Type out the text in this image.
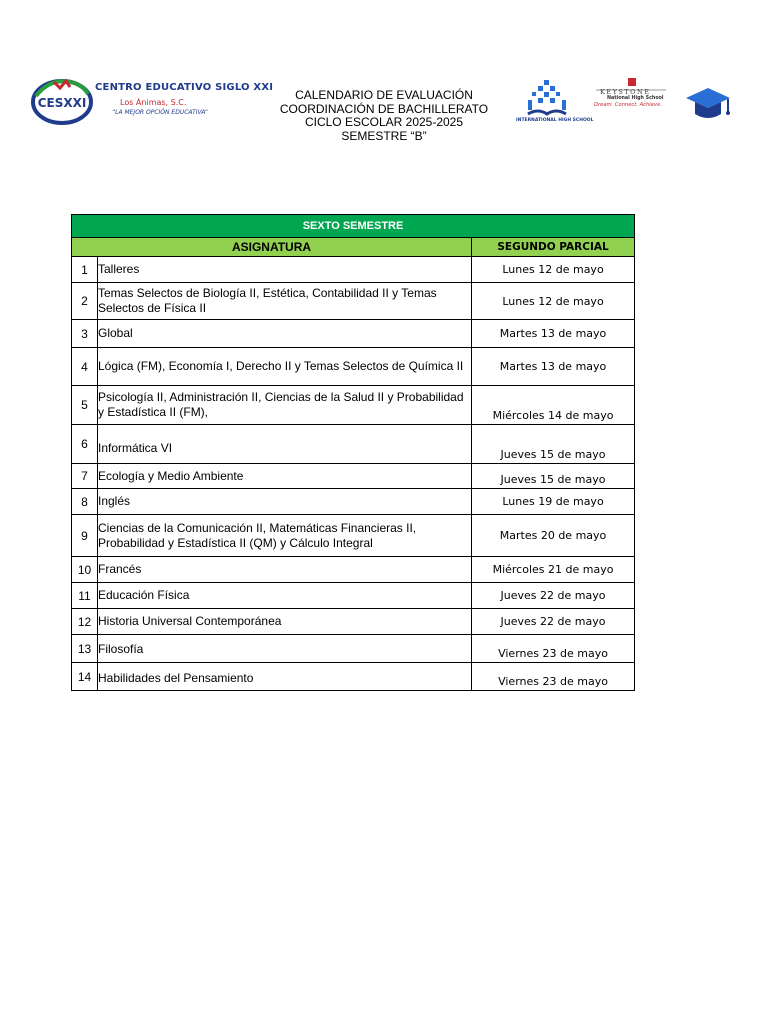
CESXXI
CENTRO EDUCATIVO SIGLO XXI
Los Ánimas, S.C.
“LA MEJOR OPCIÓN EDUCATIVA”
CALENDARIO DE EVALUACIÓN
COORDINACIÓN DE BACHILLERATO
CICLO ESCOLAR 2025-2025
SEMESTRE “B”
INTERNATIONAL HIGH SCHOOL
KEYSTONE
National High School
Dream. Connect. Achieve.
SEXTO SEMESTRE		
ASIGNATURA		SEGUNDO PARCIAL
1	Talleres	Lunes 12 de mayo
2	Temas Selectos de Biología II, Estética, Contabilidad II y Temas Selectos de Física II	Lunes 12 de mayo
3	Global	Martes 13 de mayo
4	Lógica (FM), Economía I, Derecho II y Temas Selectos de Química II	Martes 13 de mayo
5	Psicología II, Administración II, Ciencias de la Salud II y Probabilidad y Estadística II (FM),	Miércoles 14 de mayo
6	Informática VI	Jueves 15 de mayo
7	Ecología y Medio Ambiente	Jueves 15 de mayo
8	Inglés	Lunes 19 de mayo
9	Ciencias de la Comunicación II, Matemáticas Financieras II, Probabilidad y Estadística II (QM) y Cálculo Integral	Martes 20 de mayo
10	Francés	Miércoles 21 de mayo
11	Educación Física	Jueves 22 de mayo
12	Historia Universal Contemporánea	Jueves 22 de mayo
13	Filosofía	Viernes 23 de mayo
14	Habilidades del Pensamiento	Viernes 23 de mayo
